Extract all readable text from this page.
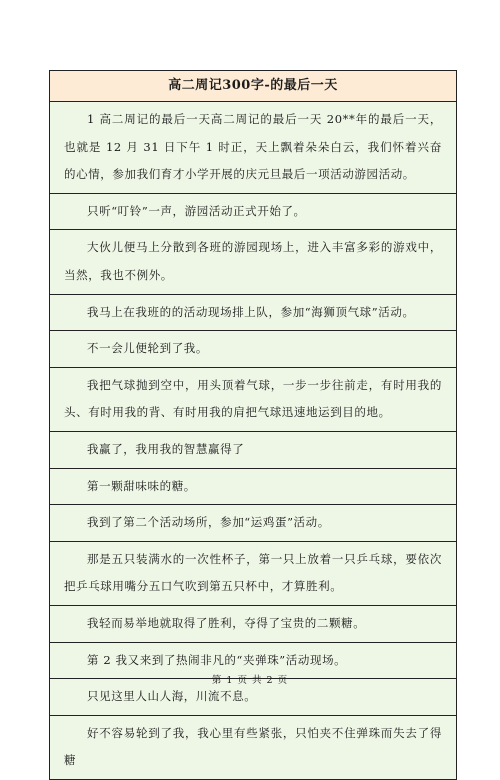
高二周记300字-的最后一天

1 高二周记的最后一天高二周记的最后一天 20**年的最后一天，也就是 12 月 31 日下午 1 时正，天上飘着朵朵白云，我们怀着兴奋的心情，参加我们育才小学开展的庆元旦最后一项活动游园活动。

只听“叮铃”一声，游园活动正式开始了。

大伙儿便马上分散到各班的游园现场上，进入丰富多彩的游戏中，当然，我也不例外。

我马上在我班的的活动现场排上队，参加“海狮顶气球”活动。

不一会儿便轮到了我。

我把气球抛到空中，用头顶着气球，一步一步往前走，有时用我的头、有时用我的背、有时用我的肩把气球迅速地运到目的地。

我赢了，我用我的智慧赢得了

第一颗甜味味的糖。

我到了第二个活动场所，参加“运鸡蛋”活动。

那是五只装满水的一次性杯子，第一只上放着一只乒乓球，要依次把乒乓球用嘴分五口气吹到第五只杯中，才算胜利。

我轻而易举地就取得了胜利，夺得了宝贵的二颗糖。

第 2 我又来到了热闹非凡的“夹弹珠”活动现场。

只见这里人山人海，川流不息。

好不容易轮到了我，我心里有些紧张，只怕夹不住弹珠而失去了得糖

第 1 页 共 2 页
